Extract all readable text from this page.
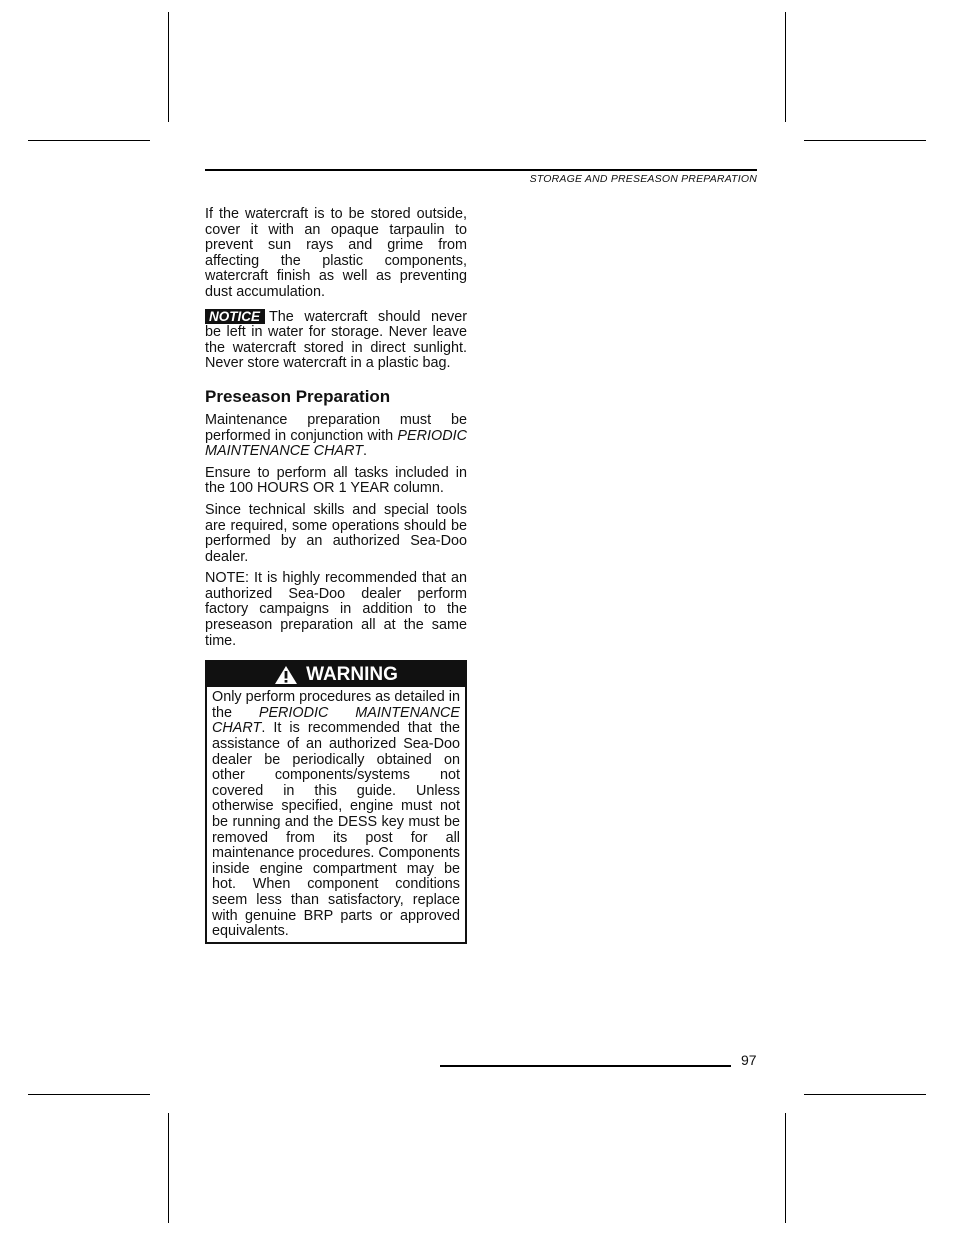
STORAGE AND PRESEASON PREPARATION

If the watercraft is to be stored outside, cover it with an opaque tarpaulin to prevent sun rays and grime from affecting the plastic components, watercraft finish as well as preventing dust accumulation.

NOTICE The watercraft should never be left in water for storage. Never leave the watercraft stored in direct sunlight. Never store watercraft in a plastic bag.

Preseason Preparation

Maintenance preparation must be performed in conjunction with PERIODIC MAINTENANCE CHART.

Ensure to perform all tasks included in the 100 HOURS OR 1 YEAR column.

Since technical skills and special tools are required, some operations should be performed by an authorized Sea-Doo dealer.

NOTE: It is highly recommended that an authorized Sea-Doo dealer perform factory campaigns in addition to the preseason preparation all at the same time.

WARNING
Only perform procedures as detailed in the PERIODIC MAINTENANCE CHART. It is recommended that the assistance of an authorized Sea-Doo dealer be periodically obtained on other components/systems not covered in this guide. Unless otherwise specified, engine must not be running and the DESS key must be removed from its post for all maintenance procedures. Components inside engine compartment may be hot. When component conditions seem less than satisfactory, replace with genuine BRP parts or approved equivalents.
97
